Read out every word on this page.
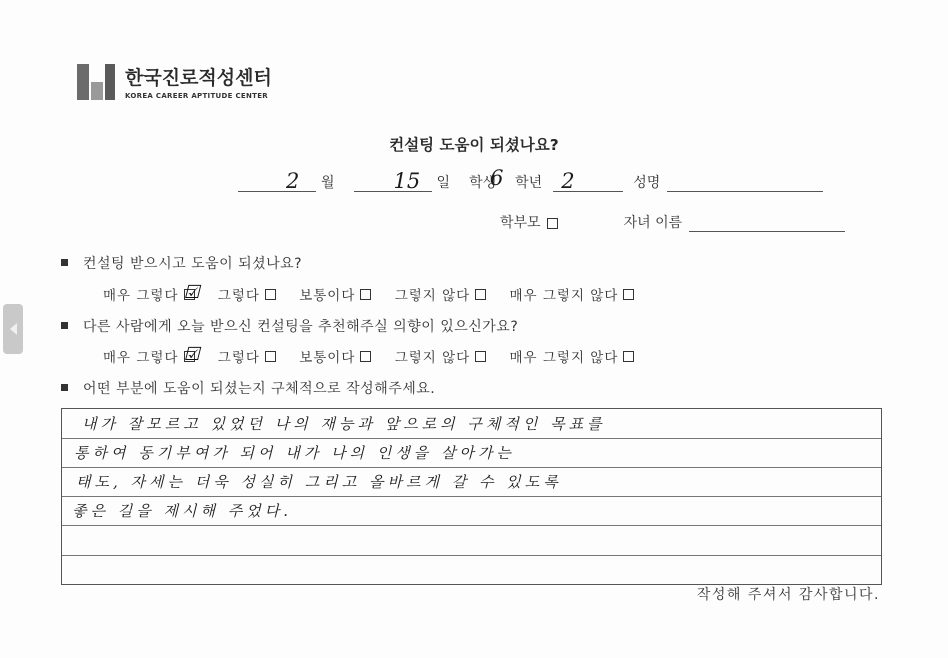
한국진로적성센터
KOREA CAREER APTITUDE CENTER
컨설팅 도움이 되셨나요?
2 월	15 일 학생
6 학년 2	성명
학부모	자녀 이름
컨설팅 받으시고 도움이 되셨나요?
매우 그렇다 ☑
그렇다
	보통이다
	그렇지 않다
	매우 그렇지 않다
다른 사람에게 오늘 받으신 컨설팅을 추천해주실 의향이 있으신가요?
매우 그렇다 ☑
그렇다
	보통이다
	그렇지 않다
	매우 그렇지 않다
어떤 부분에 도움이 되셨는지 구체적으로 작성해주세요.
내가 잘모르고 있었던 나의 재능과 앞으로의 구체적인 목표를
통하여 동기부여가 되어 내가 나의 인생을 살아가는
태도, 자세는 더욱 성실히 그리고 올바르게 갈 수 있도록
좋은 길을 제시해 주었다.
작성해 주셔서 감사합니다.
